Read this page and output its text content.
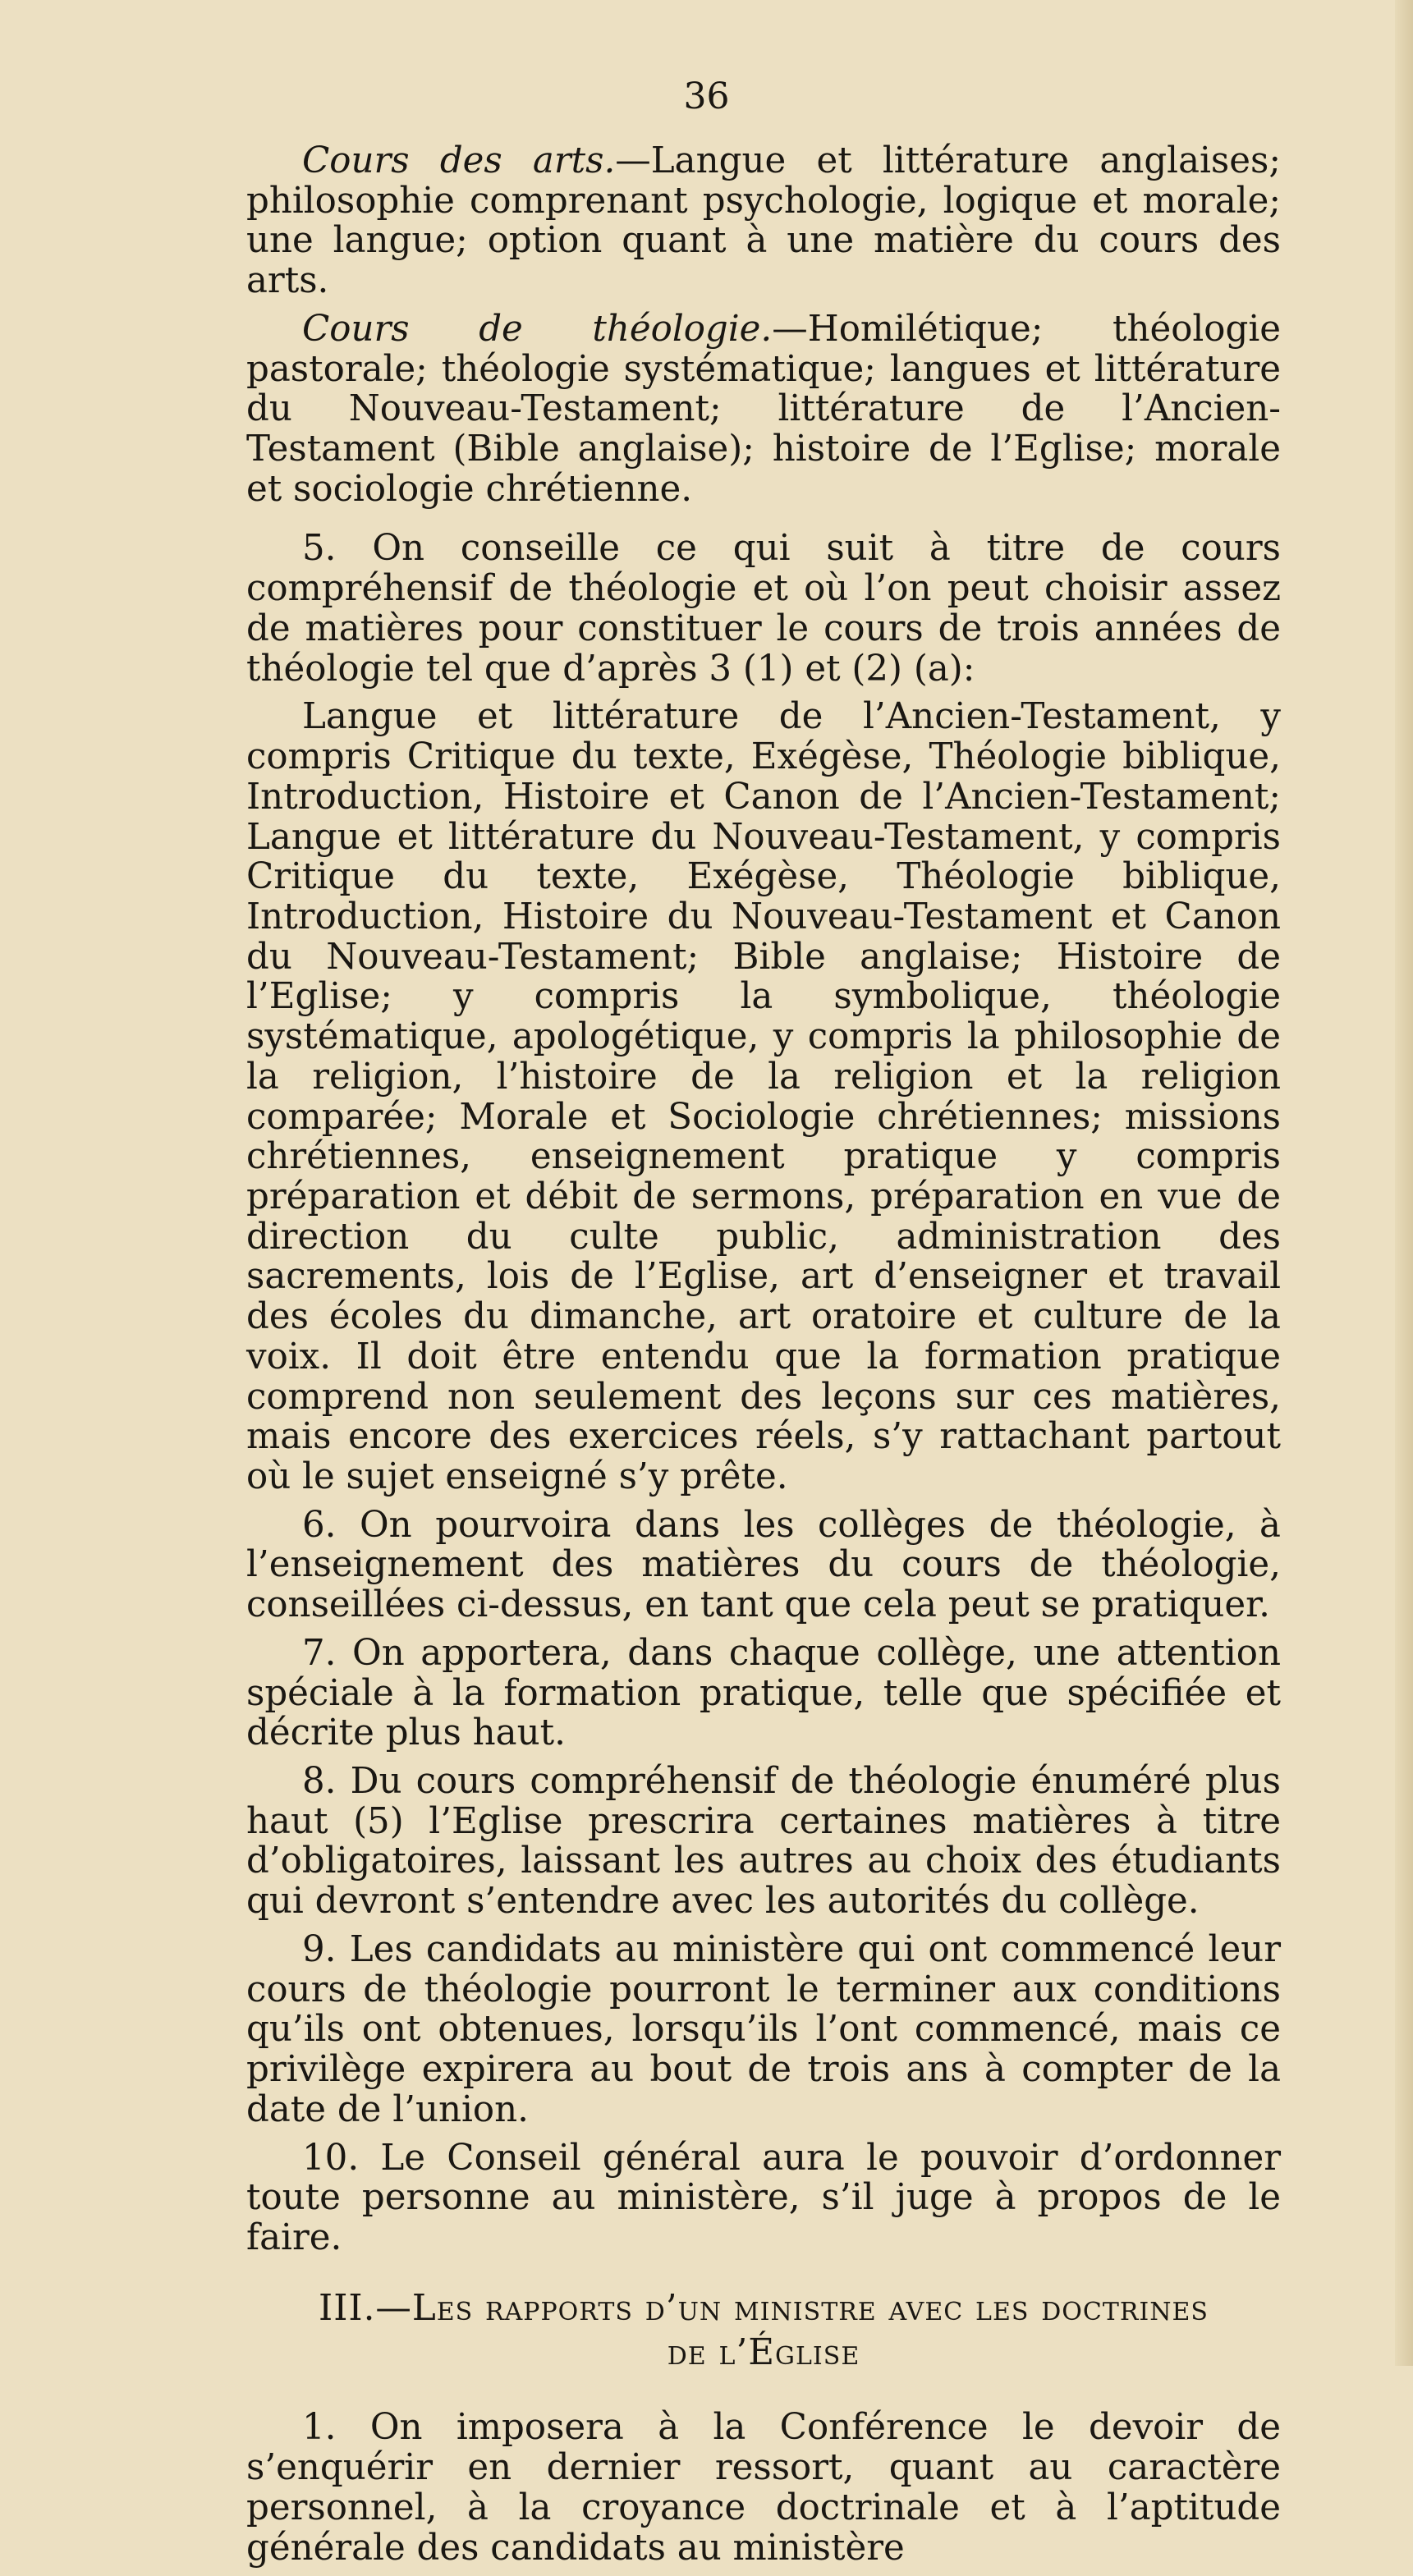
36

Cours des arts.—Langue et littérature anglaises; philosophie comprenant psychologie, logique et morale; une langue; option quant à une matière du cours des arts.

Cours de théologie.—Homilétique; théologie pastorale; théologie systématique; langues et littérature du Nouveau-Testament; littérature de l’Ancien-Testament (Bible anglaise); histoire de l’Eglise; morale et sociologie chrétienne.

5. On conseille ce qui suit à titre de cours compréhensif de théologie et où l’on peut choisir assez de matières pour constituer le cours de trois années de théologie tel que d’après 3 (1) et (2) (a):

Langue et littérature de l’Ancien-Testament, y compris Critique du texte, Exégèse, Théologie biblique, Introduction, Histoire et Canon de l’Ancien-Testament; Langue et littérature du Nouveau-Testament, y compris Critique du texte, Exégèse, Théologie biblique, Introduction, Histoire du Nouveau-Testament et Canon du Nouveau-Testament; Bible anglaise; Histoire de l’Eglise; y compris la symbolique, théologie systématique, apologétique, y compris la philosophie de la religion, l’histoire de la religion et la religion comparée; Morale et Sociologie chrétiennes; missions chrétiennes, enseignement pratique y compris préparation et débit de sermons, préparation en vue de direction du culte public, administration des sacrements, lois de l’Eglise, art d’enseigner et travail des écoles du dimanche, art oratoire et culture de la voix. Il doit être entendu que la formation pratique comprend non seulement des leçons sur ces matières, mais encore des exercices réels, s’y rattachant partout où le sujet enseigné s’y prête.

6. On pourvoira dans les collèges de théologie, à l’enseignement des matières du cours de théologie, conseillées ci-dessus, en tant que cela peut se pratiquer.

7. On apportera, dans chaque collège, une attention spéciale à la formation pratique, telle que spécifiée et décrite plus haut.

8. Du cours compréhensif de théologie énuméré plus haut (5) l’Eglise prescrira certaines matières à titre d’obligatoires, laissant les autres au choix des étudiants qui devront s’entendre avec les autorités du collège.

9. Les candidats au ministère qui ont commencé leur cours de théologie pourront le terminer aux conditions qu’ils ont obtenues, lorsqu’ils l’ont commencé, mais ce privilège expirera au bout de trois ans à compter de la date de l’union.

10. Le Conseil général aura le pouvoir d’ordonner toute personne au ministère, s’il juge à propos de le faire.

III.—Les rapports d’un ministre avec les doctrines
de l’Église

1. On imposera à la Conférence le devoir de s’enquérir en dernier ressort, quant au caractère personnel, à la croyance doctrinale et à l’aptitude générale des candidats au ministère
